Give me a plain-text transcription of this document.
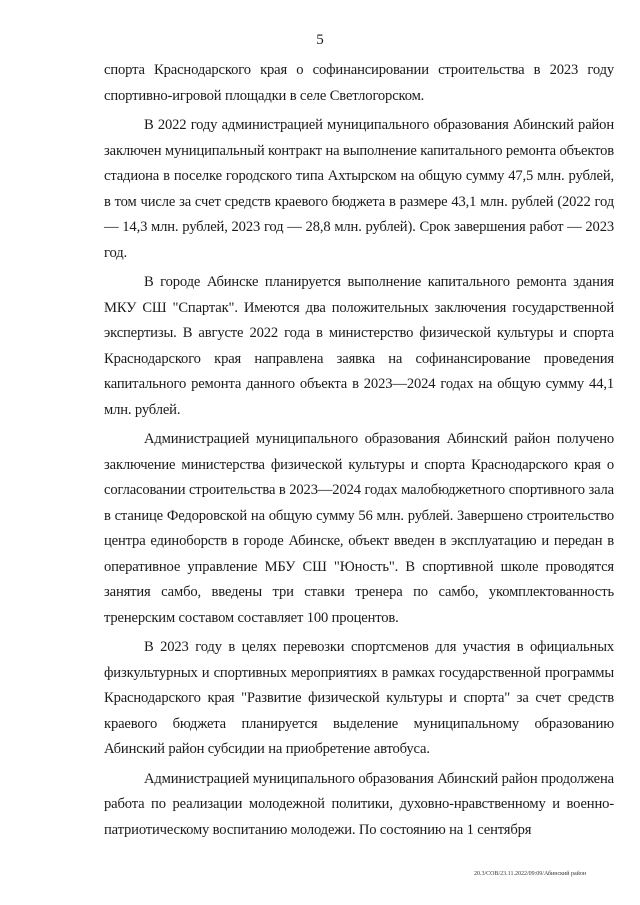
5

спорта Краснодарского края о софинансировании строительства в 2023 году спортивно-игровой площадки в селе Светлогорском.

В 2022 году администрацией муниципального образования Абинский район заключен муниципальный контракт на выполнение капитального ремонта объектов стадиона в поселке городского типа Ахтырском на общую сумму 47,5 млн. рублей, в том числе за счет средств краевого бюджета в размере 43,1 млн. рублей (2022 год — 14,3 млн. рублей, 2023 год — 28,8 млн. рублей). Срок завершения работ — 2023 год.

В городе Абинске планируется выполнение капитального ремонта здания МКУ СШ "Спартак". Имеются два положительных заключения государственной экспертизы. В августе 2022 года в министерство физической культуры и спорта Краснодарского края направлена заявка на софинансирование проведения капитального ремонта данного объекта в 2023—2024 годах на общую сумму 44,1 млн. рублей.

Администрацией муниципального образования Абинский район получено заключение министерства физической культуры и спорта Краснодарского края о согласовании строительства в 2023—2024 годах малобюджетного спортивного зала в станице Федоровской на общую сумму 56 млн. рублей. Завершено строительство центра единоборств в городе Абинске, объект введен в эксплуатацию и передан в оперативное управление МБУ СШ "Юность". В спортивной школе проводятся занятия самбо, введены три ставки тренера по самбо, укомплектованность тренерским составом составляет 100 процентов.

В 2023 году в целях перевозки спортсменов для участия в официальных физкультурных и спортивных мероприятиях в рамках государственной программы Краснодарского края "Развитие физической культуры и спорта" за счет средств краевого бюджета планируется выделение муниципальному образованию Абинский район субсидии на приобретение автобуса.

Администрацией муниципального образования Абинский район продолжена работа по реализации молодежной политики, духовно-нравственному и военно-патриотическому воспитанию молодежи. По состоянию на 1 сентября

20.3/СОВ/23.11.2022/09:09/Абинский район
